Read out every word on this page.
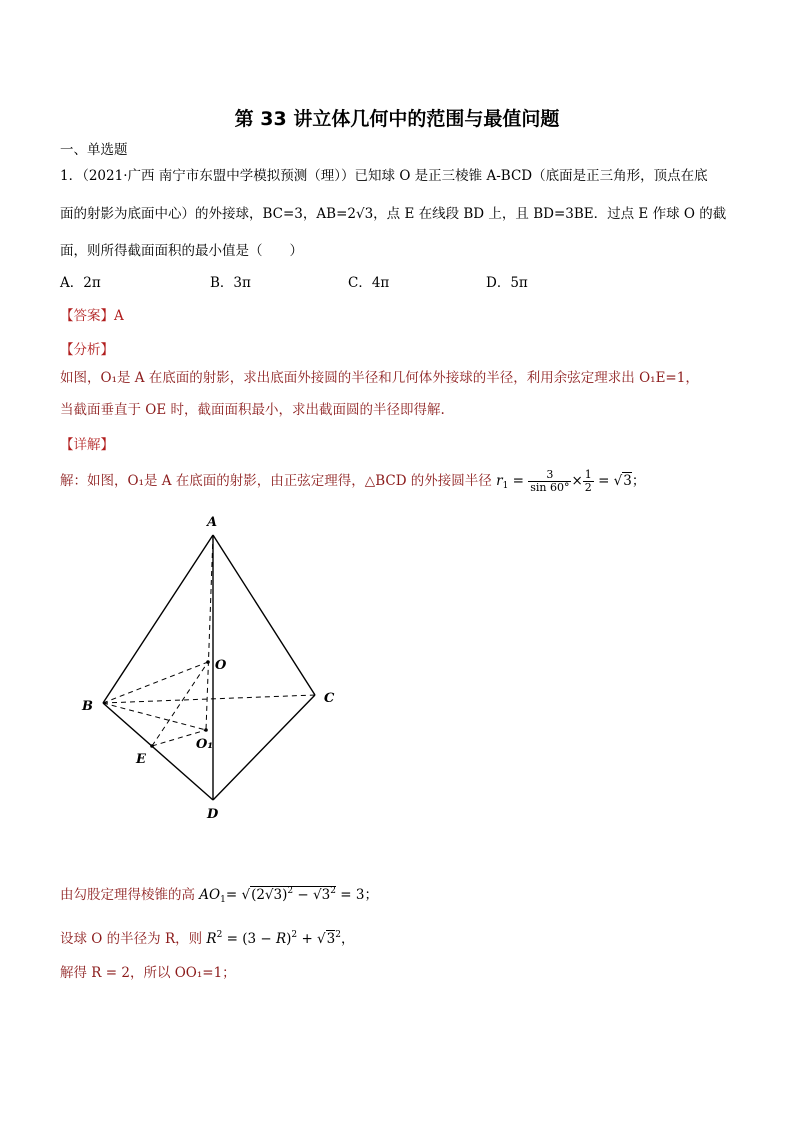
第 33 讲立体几何中的范围与最值问题
一、单选题
1．（2021·广西 南宁市东盟中学模拟预测（理））已知球 O 是正三棱锥 A-BCD（底面是正三角形，顶点在底
面的射影为底面中心）的外接球，BC=3，AB=2√3，点 E 在线段 BD 上，且 BD=3BE．过点 E 作球 O 的截
面，则所得截面面积的最小值是（　　）
A．2π	B．3π	C．4π	D．5π
【答案】A
【分析】
如图，O₁是 A 在底面的射影，求出底面外接圆的半径和几何体外接球的半径，利用余弦定理求出 O₁E=1，
当截面垂直于 OE 时，截面面积最小，求出截面圆的半径即得解.
【详解】
解：如图，O₁是 A 在底面的射影，由正弦定理得，△BCD 的外接圆半径 $r_1 = \frac{3}{\sin 60^\circ} \times \frac{1}{2} = √3$；
A
B
C
D
E
O
O₁
由勾股定理得棱锥的高 $AO_1= √(2√3)^2 - √3^2 = 3$；
设球 O 的半径为 R，则 $R^2 = (3 - R)^2 + √3^2$，
解得 R = 2，所以 OO₁=1；
